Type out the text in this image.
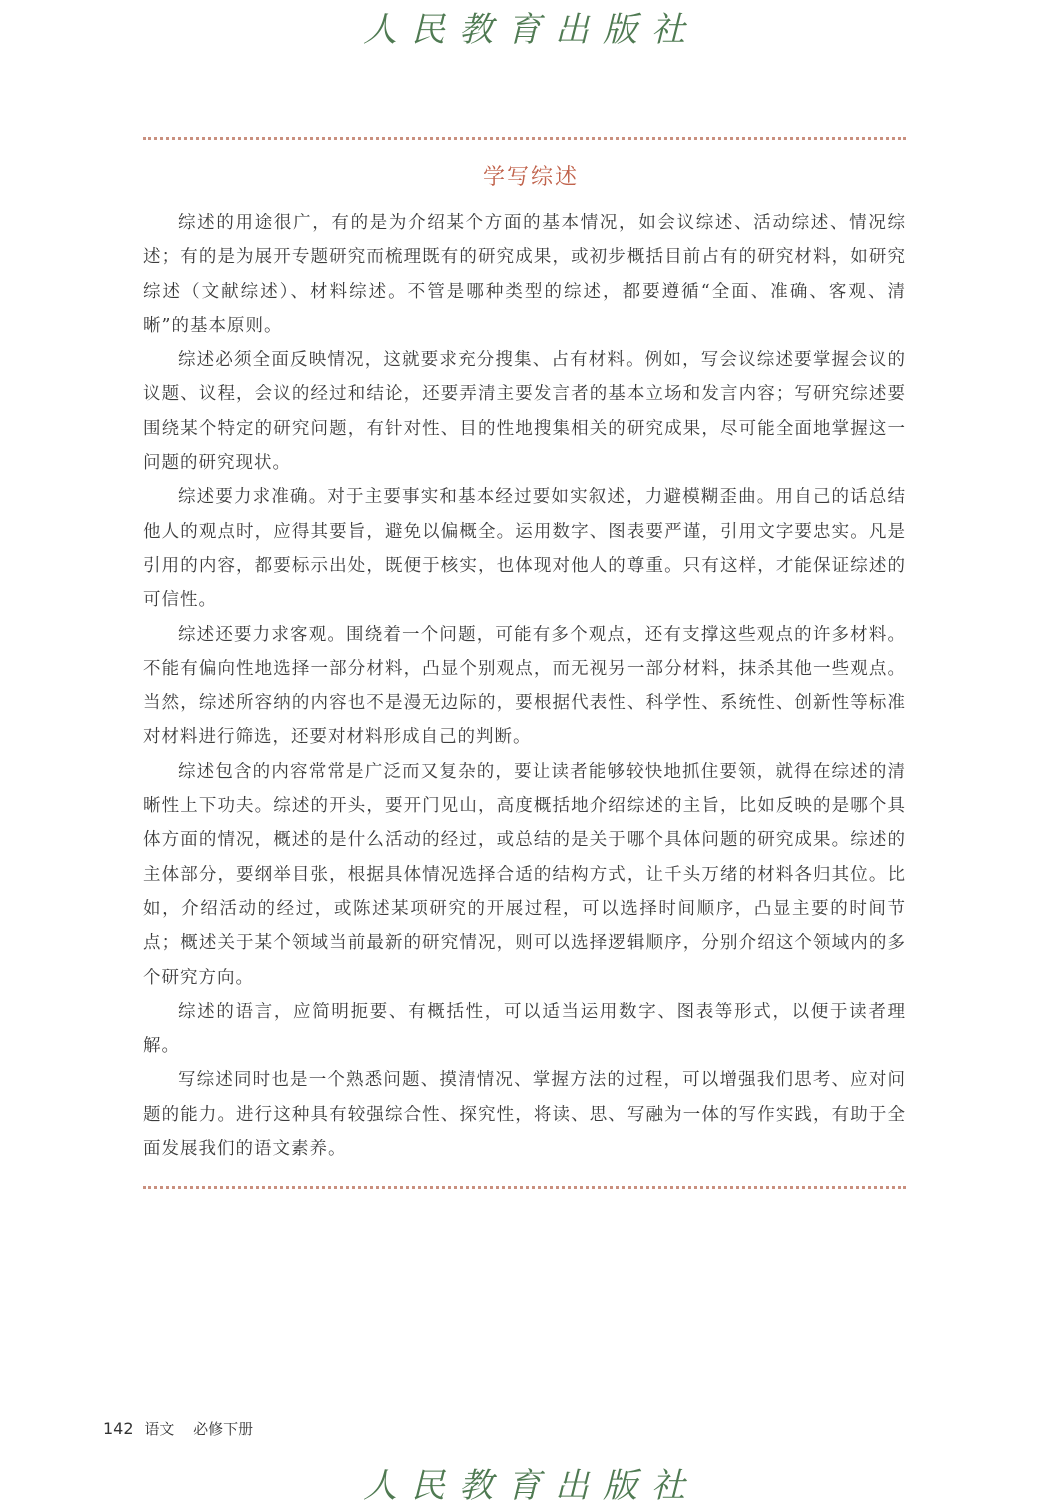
人民教育出版社
学写综述

综述的用途很广，有的是为介绍某个方面的基本情况，如会议综述、活动综述、情况综述；有的是为展开专题研究而梳理既有的研究成果，或初步概括目前占有的研究材料，如研究综述（文献综述）、材料综述。不管是哪种类型的综述，都要遵循“全面、准确、客观、清晰”的基本原则。

综述必须全面反映情况，这就要求充分搜集、占有材料。例如，写会议综述要掌握会议的议题、议程，会议的经过和结论，还要弄清主要发言者的基本立场和发言内容；写研究综述要围绕某个特定的研究问题，有针对性、目的性地搜集相关的研究成果，尽可能全面地掌握这一问题的研究现状。

综述要力求准确。对于主要事实和基本经过要如实叙述，力避模糊歪曲。用自己的话总结他人的观点时，应得其要旨，避免以偏概全。运用数字、图表要严谨，引用文字要忠实。凡是引用的内容，都要标示出处，既便于核实，也体现对他人的尊重。只有这样，才能保证综述的可信性。

综述还要力求客观。围绕着一个问题，可能有多个观点，还有支撑这些观点的许多材料。不能有偏向性地选择一部分材料，凸显个别观点，而无视另一部分材料，抹杀其他一些观点。当然，综述所容纳的内容也不是漫无边际的，要根据代表性、科学性、系统性、创新性等标准对材料进行筛选，还要对材料形成自己的判断。

综述包含的内容常常是广泛而又复杂的，要让读者能够较快地抓住要领，就得在综述的清晰性上下功夫。综述的开头，要开门见山，高度概括地介绍综述的主旨，比如反映的是哪个具体方面的情况，概述的是什么活动的经过，或总结的是关于哪个具体问题的研究成果。综述的主体部分，要纲举目张，根据具体情况选择合适的结构方式，让千头万绪的材料各归其位。比如，介绍活动的经过，或陈述某项研究的开展过程，可以选择时间顺序，凸显主要的时间节点；概述关于某个领域当前最新的研究情况，则可以选择逻辑顺序，分别介绍这个领域内的多个研究方向。

综述的语言，应简明扼要、有概括性，可以适当运用数字、图表等形式，以便于读者理解。

写综述同时也是一个熟悉问题、摸清情况、掌握方法的过程，可以增强我们思考、应对问题的能力。进行这种具有较强综合性、探究性，将读、思、写融为一体的写作实践，有助于全面发展我们的语文素养。

142 语文 必修下册
人民教育出版社
